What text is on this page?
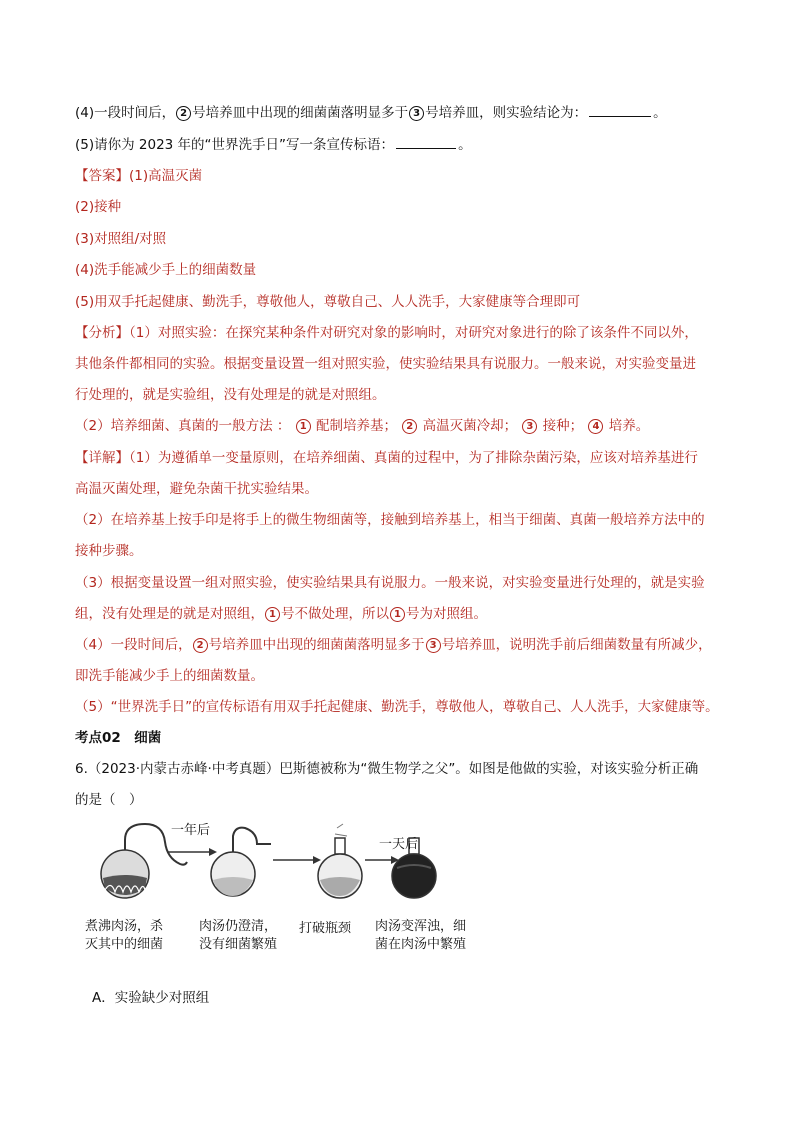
(4)一段时间后， 2 号培养皿中出现的细菌菌落明显多于 3 号培养皿，则实验结论为：	。
(5)请你为 2023 年的“世界洗手日”写一条宣传标语：	。
【答案】(1)高温灭菌
(2)接种
(3)对照组/对照
(4)洗手能减少手上的细菌数量
(5)用双手托起健康、勤洗手，尊敬他人，尊敬自己、人人洗手，大家健康等合理即可
【分析】（1）对照实验：在探究某种条件对研究对象的影响时，对研究对象进行的除了该条件不同以外，
其他条件都相同的实验。根据变量设置一组对照实验，使实验结果具有说服力。一般来说，对实验变量进
行处理的，就是实验组，没有处理是的就是对照组。
（2）培养细菌、真菌的一般方法 ： 1 配制培养基； 2 高温灭菌冷却； 3 接种； 4 培养。
【详解】（1）为遵循单一变量原则，在培养细菌、真菌的过程中，为了排除杂菌污染，应该对培养基进行
高温灭菌处理，避免杂菌干扰实验结果。
（2）在培养基上按手印是将手上的微生物细菌等，接触到培养基上，相当于细菌、真菌一般培养方法中的
接种步骤。
（3）根据变量设置一组对照实验，使实验结果具有说服力。一般来说，对实验变量进行处理的，就是实验
组，没有处理是的就是对照组， 1 号不做处理，所以 1 号为对照组。
（4）一段时间后， 2 号培养皿中出现的细菌菌落明显多于 3 号培养皿，说明洗手前后细菌数量有所减少，
即洗手能减少手上的细菌数量。
（5）“世界洗手日”的宣传标语有用双手托起健康、勤洗手，尊敬他人，尊敬自己、人人洗手，大家健康等。
考点02　细菌
6.（2023·内蒙古赤峰·中考真题）巴斯德被称为“微生物学之父”。如图是他做的实验，对该实验分析正确
的是（　）
一年后
一天后
煮沸肉汤，杀
灭其中的细菌
肉汤仍澄清，
没有细菌繁殖
打破瓶颈 肉汤变浑浊，细
菌在肉汤中繁殖
A．实验缺少对照组
